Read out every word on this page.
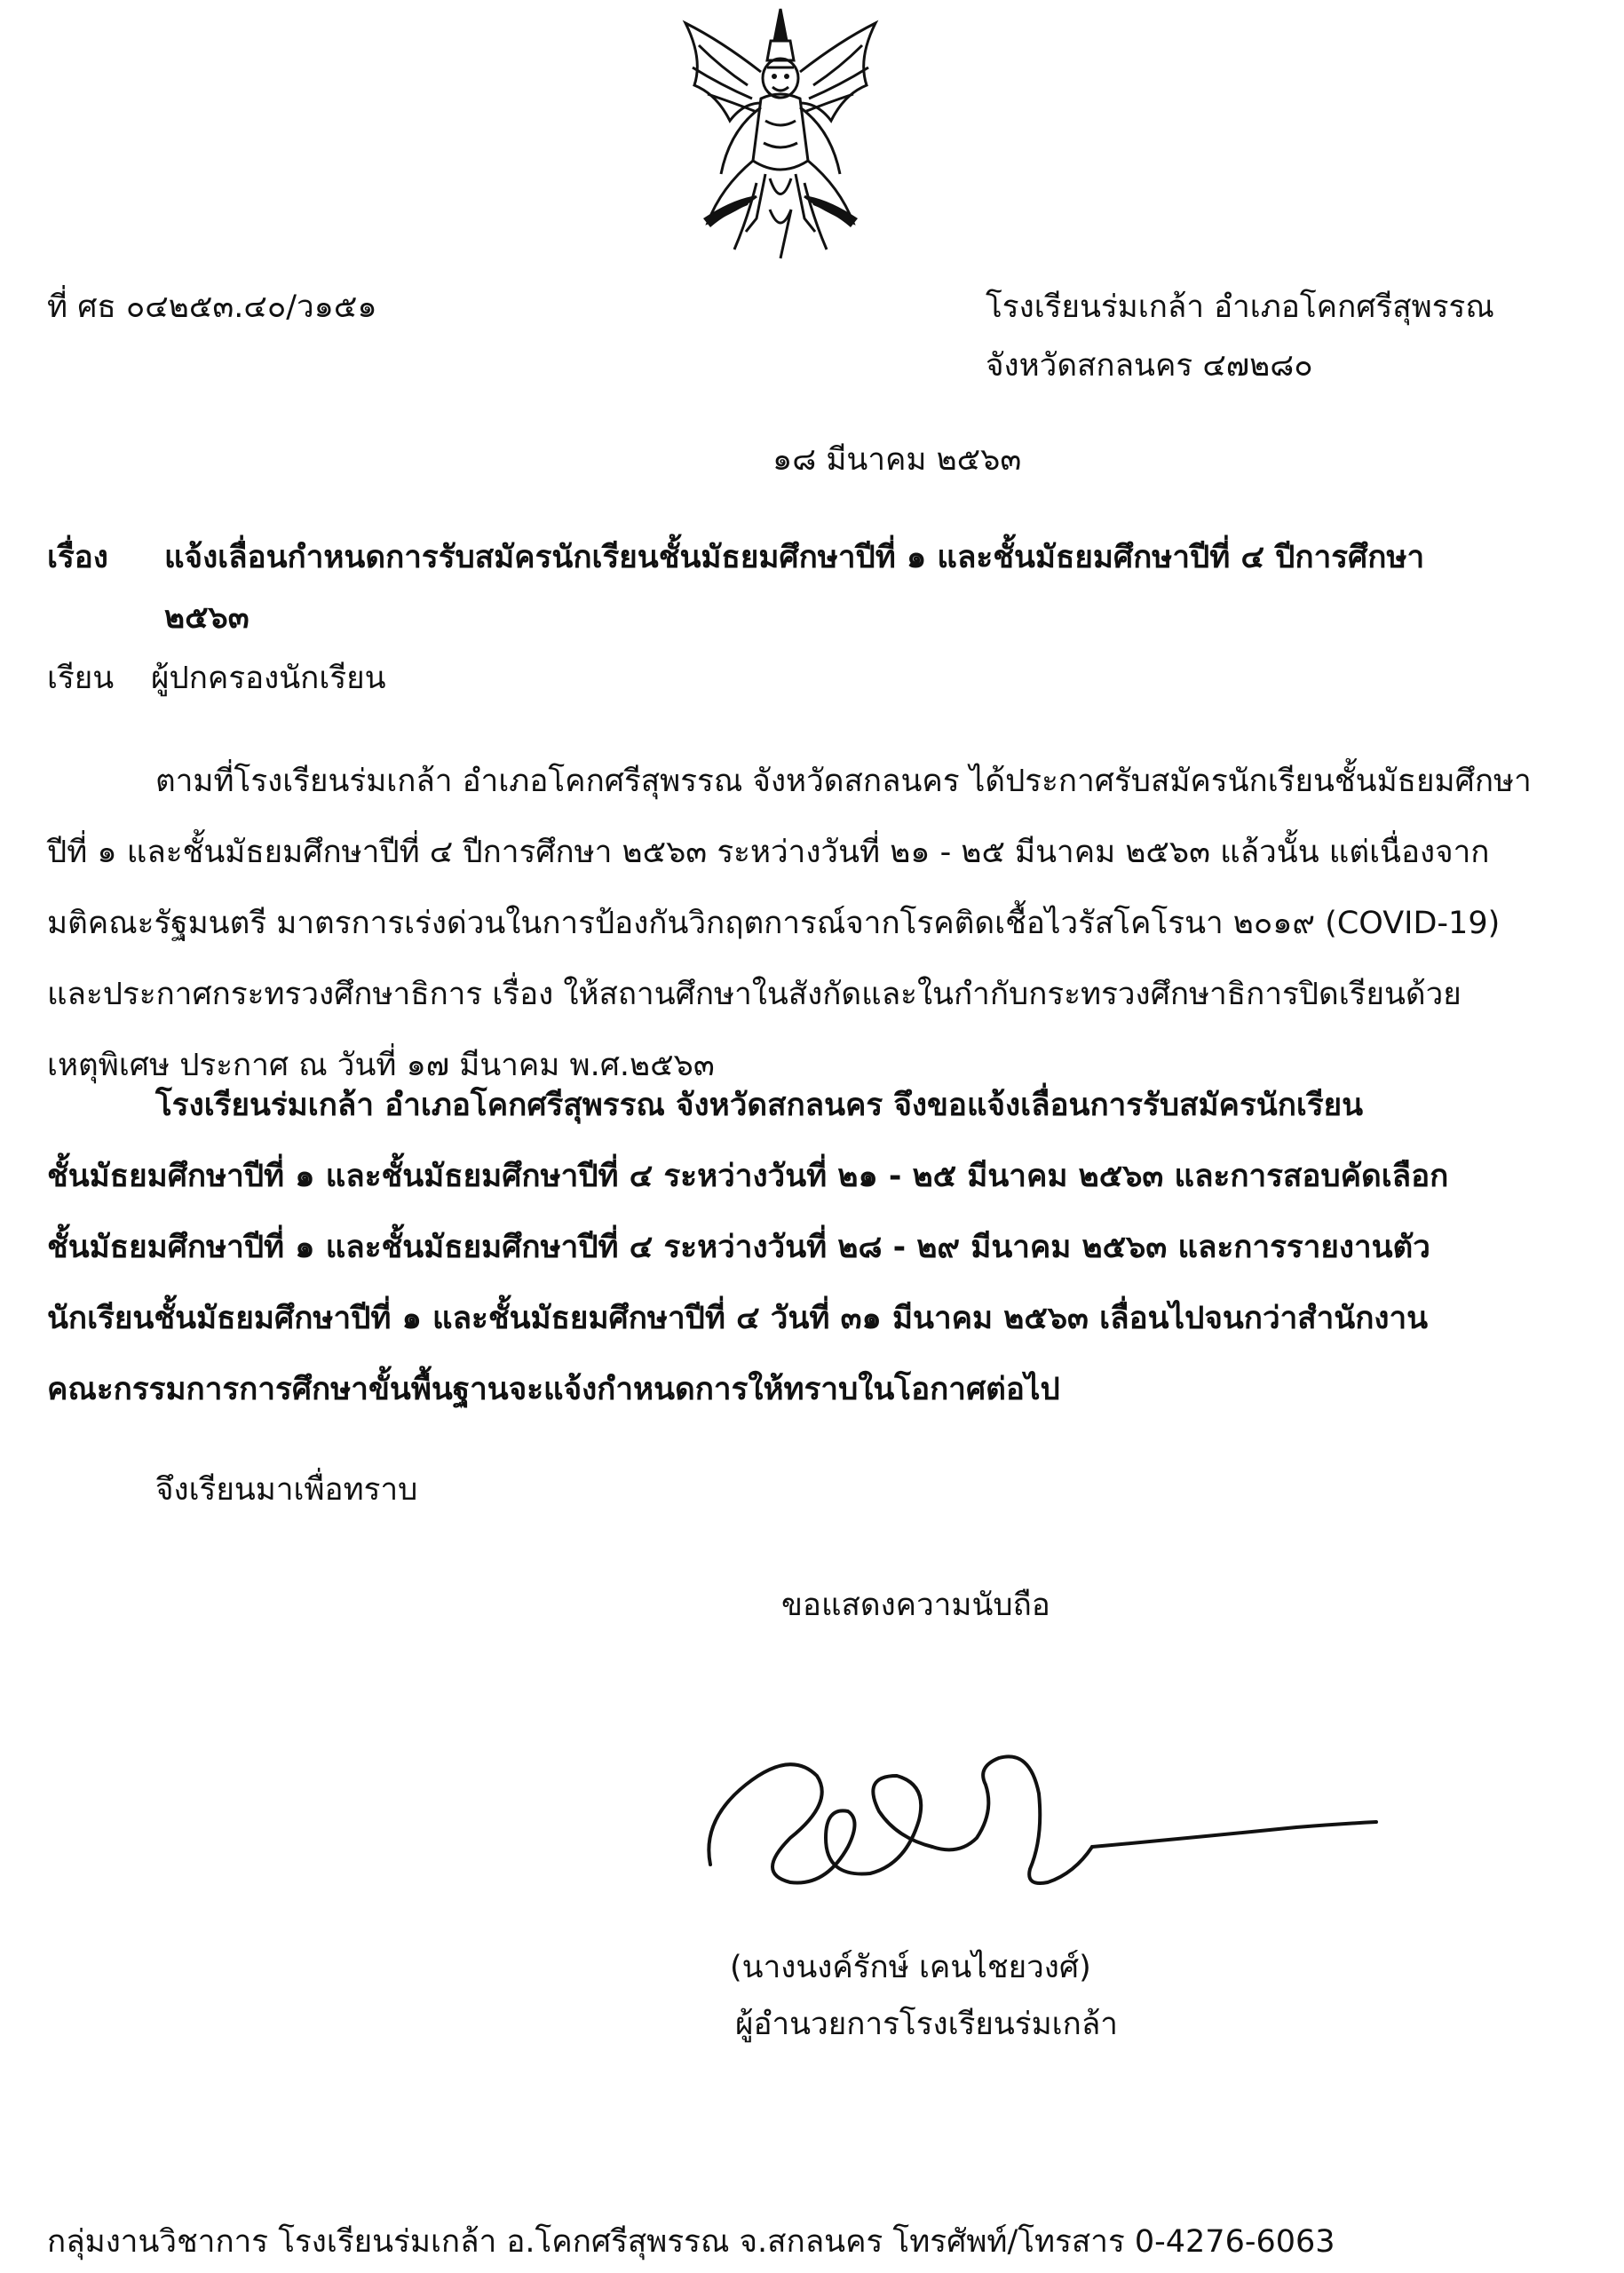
ที่ ศธ ๐๔๒๕๓.๔๐/ว๑๕๑	โรงเรียนร่มเกล้า อำเภอโคกศรีสุพรรณ
จังหวัดสกลนคร ๔๗๒๘๐
๑๘ มีนาคม ๒๕๖๓
เรื่อง แจ้งเลื่อนกำหนดการรับสมัครนักเรียนชั้นมัธยมศึกษาปีที่ ๑ และชั้นมัธยมศึกษาปีที่ ๔ ปีการศึกษา
๒๕๖๓
เรียน ผู้ปกครองนักเรียน
ตามที่โรงเรียนร่มเกล้า อำเภอโคกศรีสุพรรณ จังหวัดสกลนคร ได้ประกาศรับสมัครนักเรียนชั้นมัธยมศึกษา
ปีที่ ๑ และชั้นมัธยมศึกษาปีที่ ๔ ปีการศึกษา ๒๕๖๓ ระหว่างวันที่ ๒๑ - ๒๕ มีนาคม ๒๕๖๓ แล้วนั้น แต่เนื่องจาก
มติคณะรัฐมนตรี มาตรการเร่งด่วนในการป้องกันวิกฤตการณ์จากโรคติดเชื้อไวรัสโคโรนา ๒๐๑๙ (COVID-19)
และประกาศกระทรวงศึกษาธิการ เรื่อง ให้สถานศึกษาในสังกัดและในกำกับกระทรวงศึกษาธิการปิดเรียนด้วย
เหตุพิเศษ ประกาศ ณ วันที่ ๑๗ มีนาคม พ.ศ.๒๕๖๓
โรงเรียนร่มเกล้า อำเภอโคกศรีสุพรรณ จังหวัดสกลนคร จึงขอแจ้งเลื่อนการรับสมัครนักเรียน
ชั้นมัธยมศึกษาปีที่ ๑ และชั้นมัธยมศึกษาปีที่ ๔ ระหว่างวันที่ ๒๑ - ๒๕ มีนาคม ๒๕๖๓ และการสอบคัดเลือก
ชั้นมัธยมศึกษาปีที่ ๑ และชั้นมัธยมศึกษาปีที่ ๔ ระหว่างวันที่ ๒๘ - ๒๙ มีนาคม ๒๕๖๓ และการรายงานตัว
นักเรียนชั้นมัธยมศึกษาปีที่ ๑ และชั้นมัธยมศึกษาปีที่ ๔ วันที่ ๓๑ มีนาคม ๒๕๖๓ เลื่อนไปจนกว่าสำนักงาน
คณะกรรมการการศึกษาขั้นพื้นฐานจะแจ้งกำหนดการให้ทราบในโอกาศต่อไป
จึงเรียนมาเพื่อทราบ
ขอแสดงความนับถือ
(นางนงค์รักษ์ เคนไชยวงศ์)
ผู้อำนวยการโรงเรียนร่มเกล้า
กลุ่มงานวิชาการ โรงเรียนร่มเกล้า อ.โคกศรีสุพรรณ จ.สกลนคร โทรศัพท์/โทรสาร 0-4276-6063
